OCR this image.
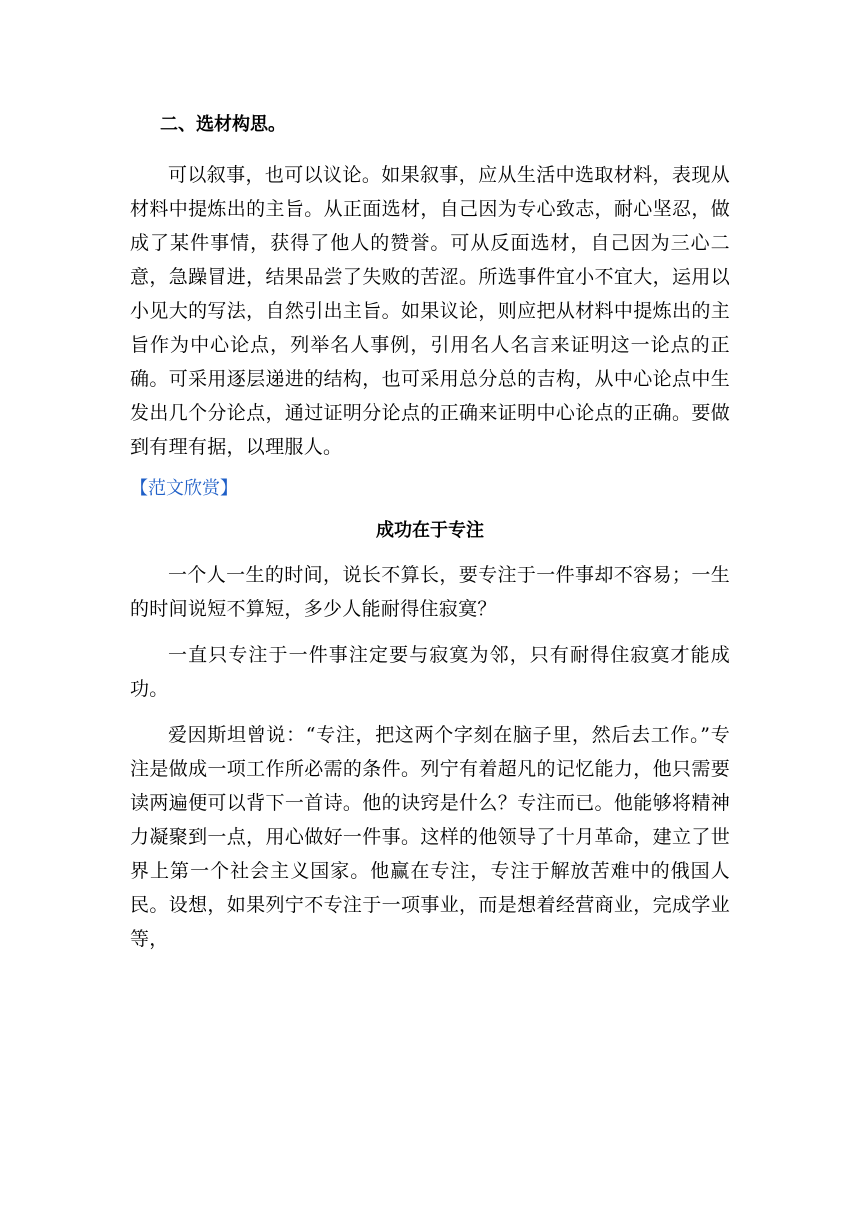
二、选材构思。

可以叙事，也可以议论。如果叙事，应从生活中选取材料，表现从材料中提炼出的主旨。从正面选材，自己因为专心致志，耐心坚忍，做成了某件事情，获得了他人的赞誉。可从反面选材，自己因为三心二意，急躁冒进，结果品尝了失败的苦涩。所选事件宜小不宜大，运用以小见大的写法，自然引出主旨。如果议论，则应把从材料中提炼出的主旨作为中心论点，列举名人事例，引用名人名言来证明这一论点的正确。可采用逐层递进的结构，也可采用总分总的吉构，从中心论点中生发出几个分论点，通过证明分论点的正确来证明中心论点的正确。要做到有理有据，以理服人。

【范文欣赏】
成功在于专注

一个人一生的时间，说长不算长，要专注于一件事却不容易；一生的时间说短不算短，多少人能耐得住寂寞？

一直只专注于一件事注定要与寂寞为邻，只有耐得住寂寞才能成功。

爱因斯坦曾说：“专注，把这两个字刻在脑子里，然后去工作。”专注是做成一项工作所必需的条件。列宁有着超凡的记忆能力，他只需要读两遍便可以背下一首诗。他的诀窍是什么？专注而已。他能够将精神力凝聚到一点，用心做好一件事。这样的他领导了十月革命，建立了世界上第一个社会主义国家。他赢在专注，专注于解放苦难中的俄国人民。设想，如果列宁不专注于一项事业，而是想着经营商业，完成学业等，
